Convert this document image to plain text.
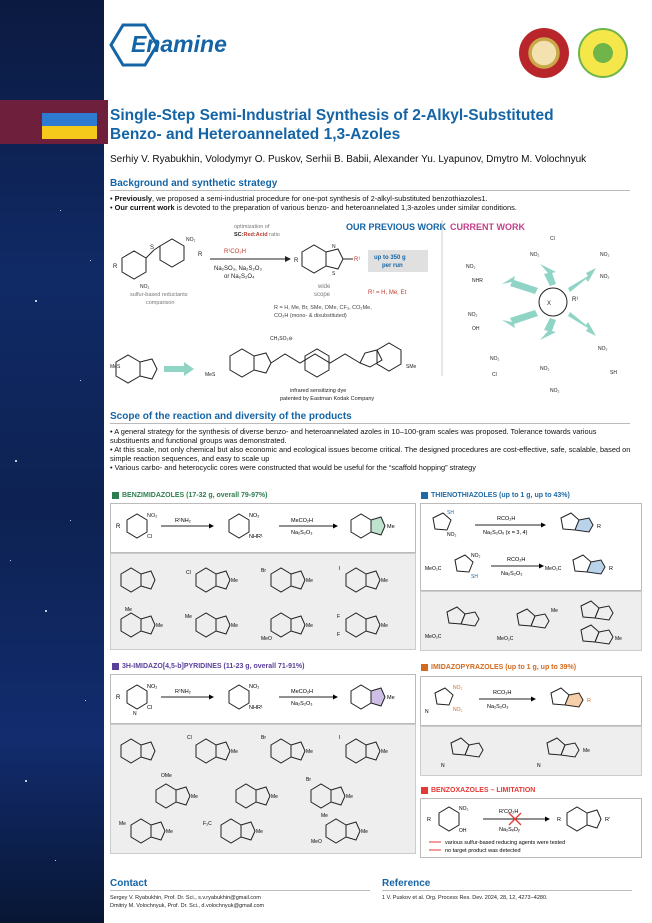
Enamine
Single-Step Semi-Industrial Synthesis of 2-Alkyl-Substituted
Benzo- and Heteroannelated 1,3-Azoles
Serhiy V. Ryabukhin, Volodymyr O. Puskov, Serhii B. Babii, Alexander Yu. Lyapunov, Dmytro M. Volochnyuk
Background and synthetic strategy
• Previously, we proposed a semi-industrial procedure for one-pot synthesis of 2-alkyl-substituted benzothiazoles1.
• Our current work is devoted to the preparation of various benzo- and heteroannelated 1,3-azoles under similar conditions.
OUR PREVIOUS WORK CURRENT WORK
S
NO₂
NO₂
R
R	R¹CO₂H
Na₂SO₃, Na₂S₂O₃
or Na₂S₂O₄
optimization of
SC:Red:Acid ratio
sulfur-based reductants
comparison
N
S
R¹
R	up to 350 g
per run
wide
scope	R¹ = H, Me, Et
R = H, Me, Br, SMe, OMe, CF₃, CO₂Me,
CO₂H (mono- & disubstituted)
MeS
MeS
SMe
CH₃SO₃⊖
infrared sensitizing dye
patented by Eastman Kodak Company
X
R¹
NO₂
NHR
NO₂
Cl
NO₂
NO₂
NO₂
OH
NO₂
Cl
NO₂
NO₂
NO₂
SH
Scope of the reaction and diversity of the products
• A general strategy for the synthesis of diverse benzo- and heteroannelated azoles in 10–100-gram scales was proposed. Tolerance towards various substituents and functional groups was demonstrated.
• At this scale, not only chemical but also economic and ecological issues become critical. The designed procedures are cost-effective, safe, scalable, based on simple reaction sequences, and easy to scale up
• Various carbo- and heterocyclic cores were constructed that would be useful for the “scaffold hopping” strategy
BENZIMIDAZOLES (17-32 g, overall 79-97%)
NO₂
Cl
R
R¹NH₂
NO₂
NHR¹
MeCO₂H
Na₂S₂O₃
Me
Me	Me	Me
Me	Me	Me	Me
Cl	Br	I
Me
Me
MeO
F
F
3H-IMIDAZO[4,5-b]PYRIDINES (11-23 g, overall 71-91%)
NO₂
Cl
N
R
R¹NH₂
NO₂
NHR¹
MeCO₂H
Na₂S₂O₃
Me
Me	Me	Me
Me	Me	Me
Me	Me	Me
Cl	Br	I
OMe
Br
Me
Me	F₃C
MeO
THIENOTHIAZOLES (up to 1 g, up to 43%)
SH
NO₂
RCO₂H
Na₂S₂Oₓ (x = 3, 4)
R
MeO₂C
NO₂
SH
RCO₂H
Na₂S₂O₃
MeO₂C	R
MeO₂C	MeO₂C
Me
Me
IMIDAZOPYRAZOLES (up to 1 g, up to 39%)
NO₂
NO₂
N
RCO₂H
Na₂S₂O₃
R
N	N
Me
BENZOXAZOLES – LIMITATION
NO₂
OH
R
R'CO₂H
Na₂SₓOᵧ
R'
R
various sulfur-based reducing agents were tested
no target product was detected
Contact
Sergey V. Ryabukhin, Prof. Dr. Sci., s.v.ryabukhin@gmail.com
Dmitriy M. Volochnyuk, Prof. Dr. Sci., d.volochnyuk@gmail.com
Reference
1 V. Puskov et al. Org. Process Res. Dev. 2024, 28, 12, 4273−4280.
